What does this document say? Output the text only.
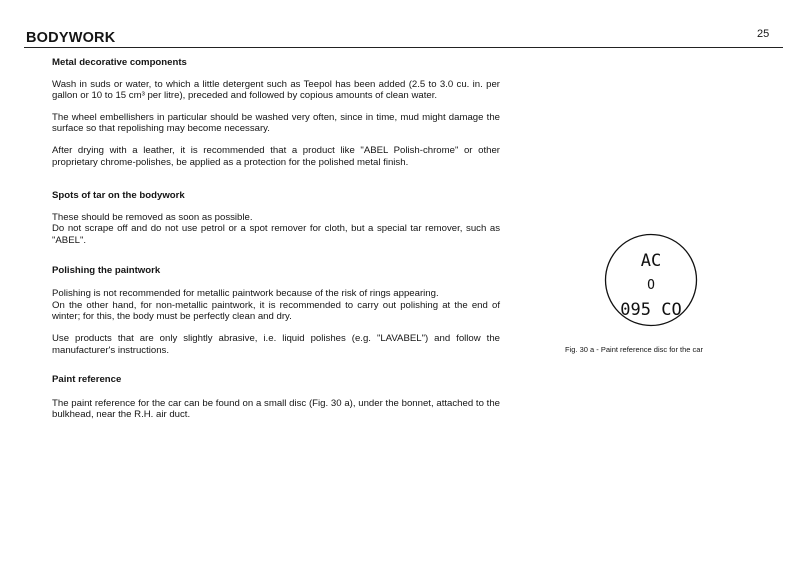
BODYWORK	25
Metal decorative components

Wash in suds or water, to which a little detergent such as Teepol has been added (2.5 to 3.0 cu. in. per gallon or 10 to 15 cm³ per litre), preceded and followed by copious amounts of clean water.

The wheel embellishers in particular should be washed very often, since in time, mud might damage the surface so that repolishing may become necessary.

After drying with a leather, it is recommended that a product like "ABEL Polish-chrome" or other proprietary chrome-polishes, be applied as a protection for the polished metal finish.

Spots of tar on the bodywork

These should be removed as soon as possible.

Do not scrape off and do not use petrol or a spot remover for cloth, but a special tar remover, such as "ABEL".

Polishing the paintwork

Polishing is not recommended for metallic paintwork because of the risk of rings appearing.

On the other hand, for non-metallic paintwork, it is recommended to carry out polishing at the end of winter; for this, the body must be perfectly clean and dry.

Use products that are only slightly abrasive, i.e. liquid polishes (e.g. "LAVABEL") and follow the manufacturer's instructions.

Paint reference

The paint reference for the car can be found on a small disc (Fig. 30 a), under the bonnet, attached to the bulkhead, near the R.H. air duct.

AC
O
095 CO
Fig. 30 a - Paint reference disc for the car
